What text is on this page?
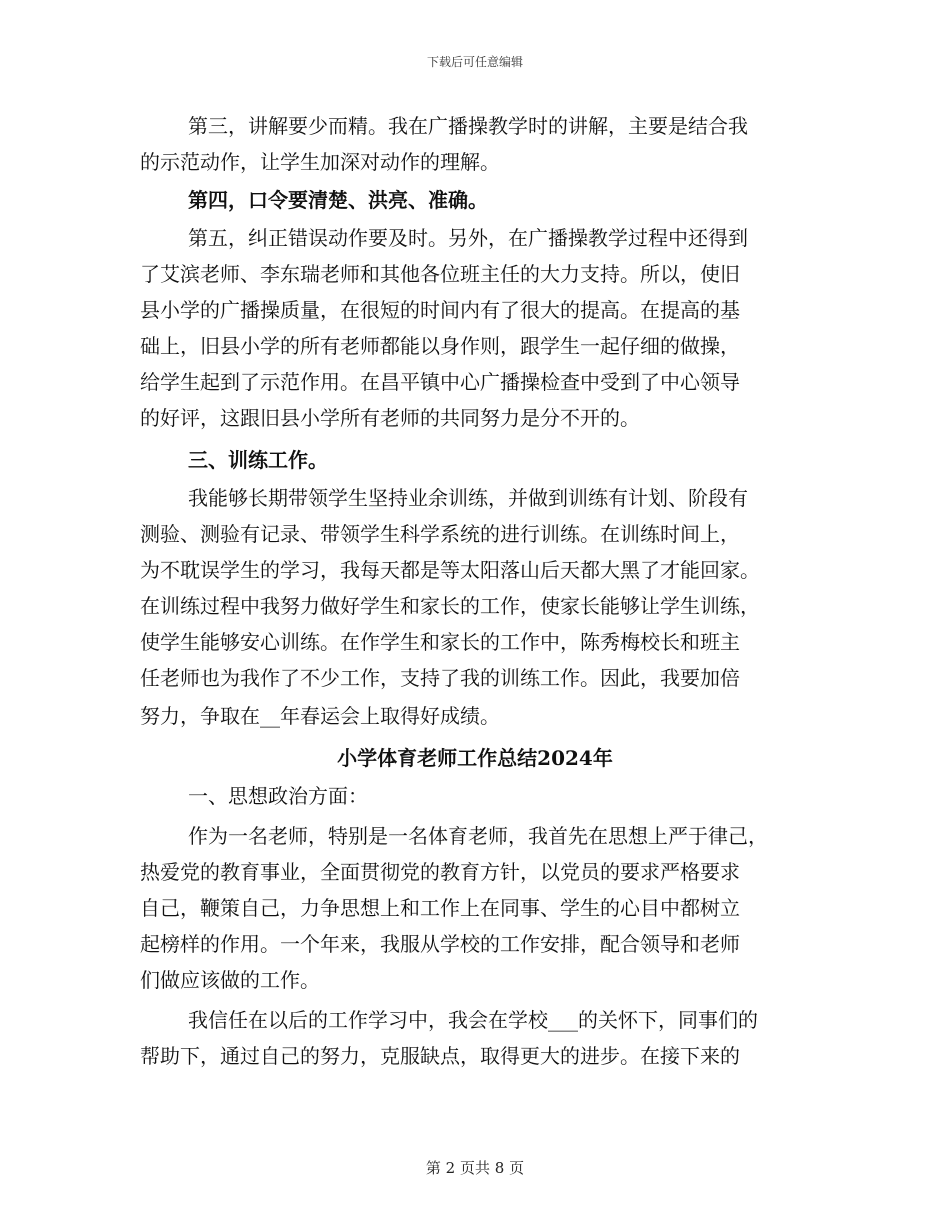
下载后可任意编辑

第三，讲解要少而精。我在广播操教学时的讲解，主要是结合我

的示范动作，让学生加深对动作的理解。

第四，口令要清楚、洪亮、准确。

第五，纠正错误动作要及时。另外，在广播操教学过程中还得到

了艾滨老师、李东瑞老师和其他各位班主任的大力支持。所以，使旧

县小学的广播操质量，在很短的时间内有了很大的提高。在提高的基

础上，旧县小学的所有老师都能以身作则，跟学生一起仔细的做操，

给学生起到了示范作用。在昌平镇中心广播操检查中受到了中心领导

的好评，这跟旧县小学所有老师的共同努力是分不开的。

三、训练工作。

我能够长期带领学生坚持业余训练，并做到训练有计划、阶段有

测验、测验有记录、带领学生科学系统的进行训练。在训练时间上，

为不耽误学生的学习，我每天都是等太阳落山后天都大黑了才能回家。

在训练过程中我努力做好学生和家长的工作，使家长能够让学生训练，

使学生能够安心训练。在作学生和家长的工作中，陈秀梅校长和班主

任老师也为我作了不少工作，支持了我的训练工作。因此，我要加倍

努力，争取在__年春运会上取得好成绩。

小学体育老师工作总结2024年

一、思想政治方面：

作为一名老师，特别是一名体育老师，我首先在思想上严于律己，

热爱党的教育事业，全面贯彻党的教育方针，以党员的要求严格要求

自己，鞭策自己，力争思想上和工作上在同事、学生的心目中都树立

起榜样的作用。一个年来，我服从学校的工作安排，配合领导和老师

们做应该做的工作。

我信任在以后的工作学习中，我会在学校___的关怀下，同事们的

帮助下，通过自己的努力，克服缺点，取得更大的进步。在接下来的

第 2 页共 8 页
